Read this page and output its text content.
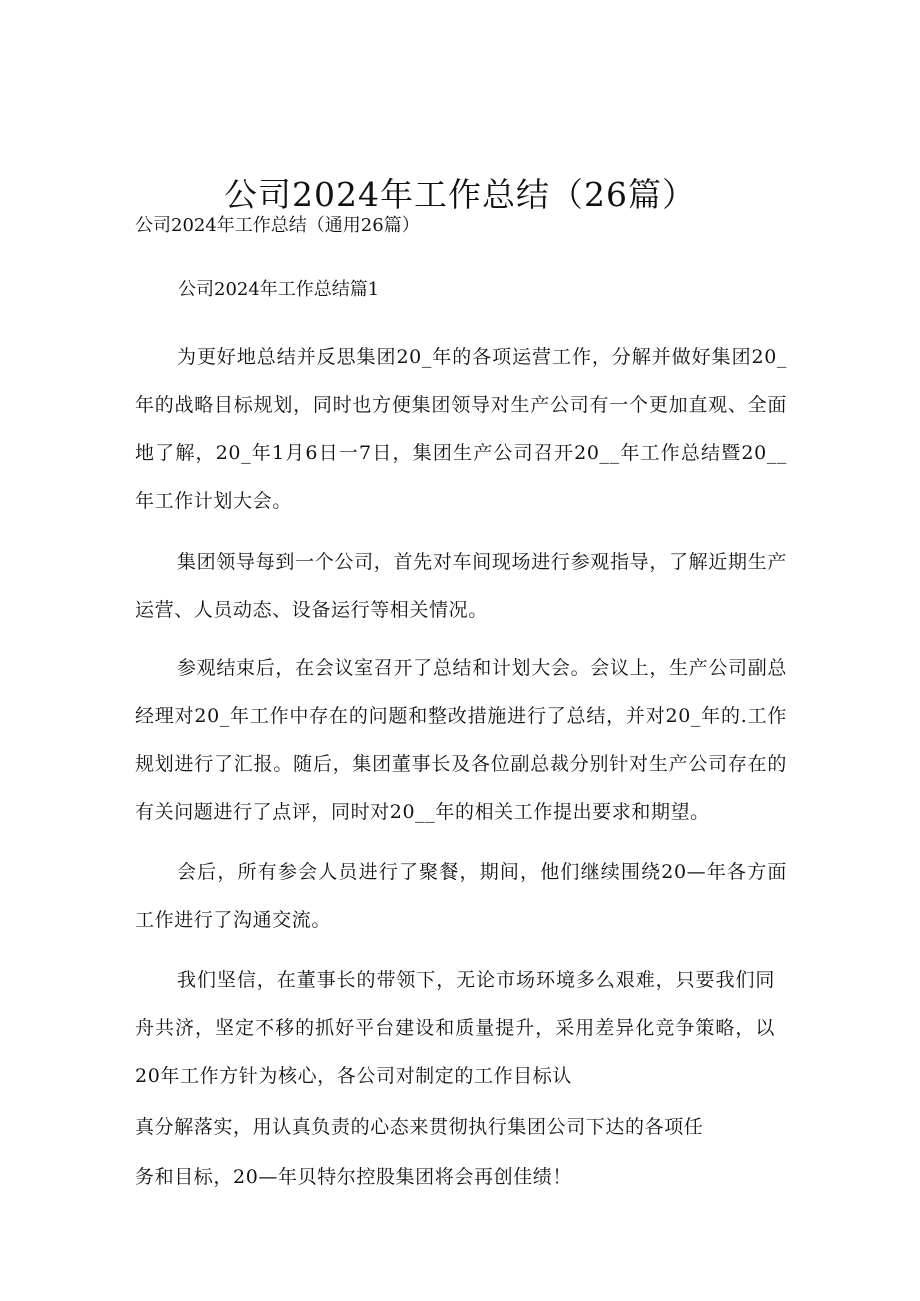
公司2024年工作总结（26篇）
公司2024年工作总结（通用26篇）
公司2024年工作总结篇1

为更好地总结并反思集团20_年的各项运营工作，分解并做好集团20_年的战略目标规划，同时也方便集团领导对生产公司有一个更加直观、全面地了解，20_年1月6日一7日，集团生产公司召开20__年工作总结暨20__年工作计划大会。

集团领导每到一个公司，首先对车间现场进行参观指导，了解近期生产运营、人员动态、设备运行等相关情况。

参观结束后，在会议室召开了总结和计划大会。会议上，生产公司副总经理对20_年工作中存在的问题和整改措施进行了总结，并对20_年的.工作规划进行了汇报。随后，集团董事长及各位副总裁分别针对生产公司存在的有关问题进行了点评，同时对20__年的相关工作提出要求和期望。

会后，所有参会人员进行了聚餐，期间，他们继续围绕20—年各方面工作进行了沟通交流。

我们坚信，在董事长的带领下，无论市场环境多么艰难，只要我们同舟共济，坚定不移的抓好平台建设和质量提升，采用差异化竞争策略，以20年工作方针为核心，各公司对制定的工作目标认

真分解落实，用认真负责的心态来贯彻执行集团公司下达的各项任
务和目标，20—年贝特尔控股集团将会再创佳绩！
